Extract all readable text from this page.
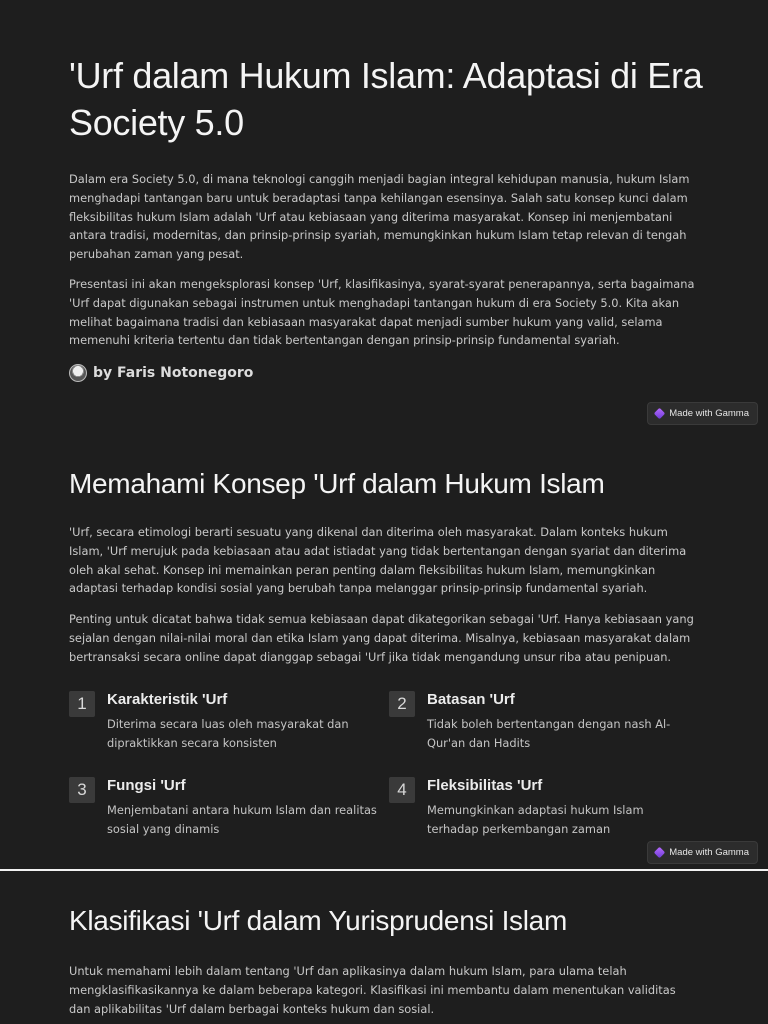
'Urf dalam Hukum Islam: Adaptasi di Era Society 5.0

Dalam era Society 5.0, di mana teknologi canggih menjadi bagian integral kehidupan manusia, hukum Islam menghadapi tantangan baru untuk beradaptasi tanpa kehilangan esensinya. Salah satu konsep kunci dalam fleksibilitas hukum Islam adalah 'Urf atau kebiasaan yang diterima masyarakat. Konsep ini menjembatani antara tradisi, modernitas, dan prinsip-prinsip syariah, memungkinkan hukum Islam tetap relevan di tengah perubahan zaman yang pesat.

Presentasi ini akan mengeksplorasi konsep 'Urf, klasifikasinya, syarat-syarat penerapannya, serta bagaimana 'Urf dapat digunakan sebagai instrumen untuk menghadapi tantangan hukum di era Society 5.0. Kita akan melihat bagaimana tradisi dan kebiasaan masyarakat dapat menjadi sumber hukum yang valid, selama memenuhi kriteria tertentu dan tidak bertentangan dengan prinsip-prinsip fundamental syariah.

by Faris Notonegoro
Made with Gamma
Memahami Konsep 'Urf dalam Hukum Islam

'Urf, secara etimologi berarti sesuatu yang dikenal dan diterima oleh masyarakat. Dalam konteks hukum Islam, 'Urf merujuk pada kebiasaan atau adat istiadat yang tidak bertentangan dengan syariat dan diterima oleh akal sehat. Konsep ini memainkan peran penting dalam fleksibilitas hukum Islam, memungkinkan adaptasi terhadap kondisi sosial yang berubah tanpa melanggar prinsip-prinsip fundamental syariah.

Penting untuk dicatat bahwa tidak semua kebiasaan dapat dikategorikan sebagai 'Urf. Hanya kebiasaan yang sejalan dengan nilai-nilai moral dan etika Islam yang dapat diterima. Misalnya, kebiasaan masyarakat dalam bertransaksi secara online dapat dianggap sebagai 'Urf jika tidak mengandung unsur riba atau penipuan.

1	Karakteristik 'Urf

Diterima secara luas oleh masyarakat dan dipraktikkan secara konsisten

2	Batasan 'Urf

Tidak boleh bertentangan dengan nash Al-Qur'an dan Hadits

3	Fungsi 'Urf

Menjembatani antara hukum Islam dan realitas sosial yang dinamis

4	Fleksibilitas 'Urf

Memungkinkan adaptasi hukum Islam terhadap perkembangan zaman

Made with Gamma
Klasifikasi 'Urf dalam Yurisprudensi Islam

Untuk memahami lebih dalam tentang 'Urf dan aplikasinya dalam hukum Islam, para ulama telah mengklasifikasikannya ke dalam beberapa kategori. Klasifikasi ini membantu dalam menentukan validitas dan aplikabilitas 'Urf dalam berbagai konteks hukum dan sosial.
